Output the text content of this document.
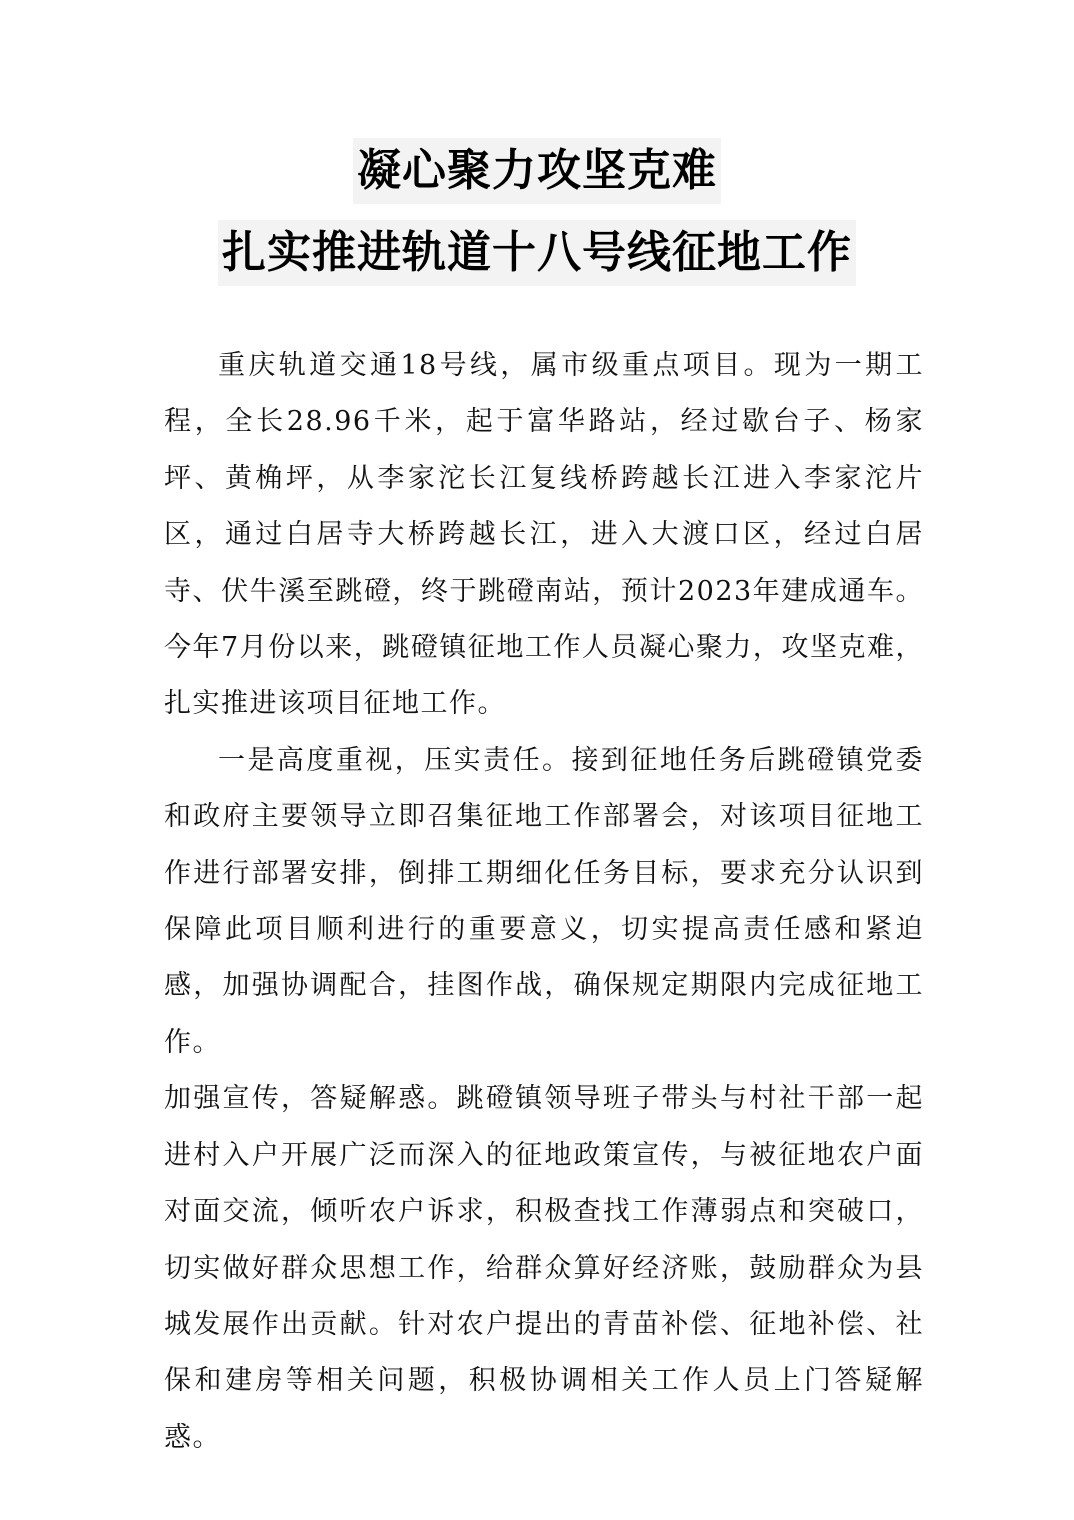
凝心聚力攻坚克难
扎实推进轨道十八号线征地工作

重庆轨道交通18号线，属市级重点项目。现为一期工程，全长28.96千米，起于富华路站，经过歇台子、杨家坪、黄桷坪，从李家沱长江复线桥跨越长江进入李家沱片区，通过白居寺大桥跨越长江，进入大渡口区，经过白居寺、伏牛溪至跳磴，终于跳磴南站，预计2023年建成通车。今年7月份以来，跳磴镇征地工作人员凝心聚力，攻坚克难，扎实推进该项目征地工作。

一是高度重视，压实责任。接到征地任务后跳磴镇党委和政府主要领导立即召集征地工作部署会，对该项目征地工作进行部署安排，倒排工期细化任务目标，要求充分认识到保障此项目顺利进行的重要意义，切实提高责任感和紧迫感，加强协调配合，挂图作战，确保规定期限内完成征地工作。

加强宣传，答疑解惑。跳磴镇领导班子带头与村社干部一起进村入户开展广泛而深入的征地政策宣传，与被征地农户面对面交流，倾听农户诉求，积极查找工作薄弱点和突破口，切实做好群众思想工作，给群众算好经济账，鼓励群众为县城发展作出贡献。针对农户提出的青苗补偿、征地补偿、社保和建房等相关问题，积极协调相关工作人员上门答疑解惑。
